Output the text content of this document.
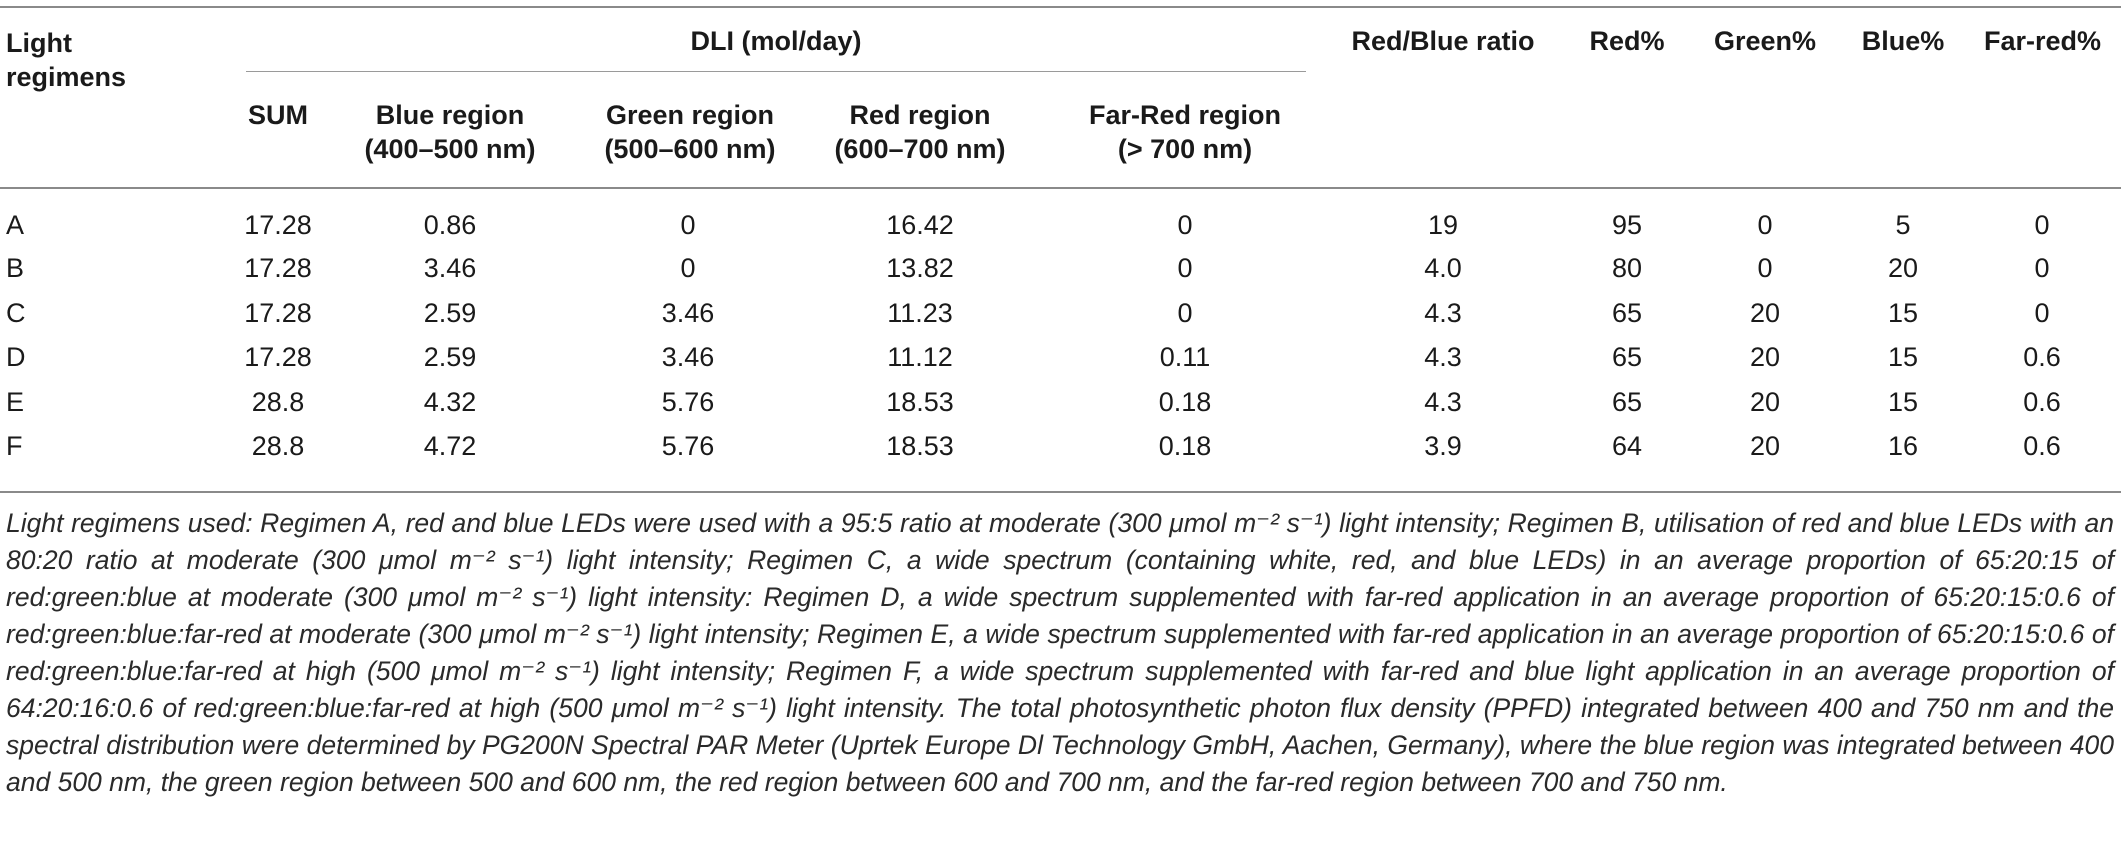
Light
regimens
DLI (mol/day)
SUM	Blue region
(400–500 nm)
Green region
(500–600 nm)
Red region
(600–700 nm)
Far-Red region
(> 700 nm)
Red/Blue ratio	Red%	Green%	Blue%	Far-red%
A	17.28	0.86	0	16.42	0	19	95	0	5	0
B	17.28	3.46	0	13.82	0	4.0	80	0	20	0
C	17.28	2.59	3.46	11.23	0	4.3	65	20	15	0
D	17.28	2.59	3.46	11.12	0.11	4.3	65	20	15	0.6
E	28.8	4.32	5.76	18.53	0.18	4.3	65	20	15	0.6
F	28.8	4.72	5.76	18.53	0.18	3.9	64	20	16	0.6
Light regimens used: Regimen A, red and blue LEDs were used with a 95:5 ratio at moderate (300 μmol m⁻² s⁻¹) light intensity; Regimen B, utilisation of red and blue LEDs with an 80:20 ratio at moderate (300 μmol m⁻² s⁻¹) light intensity; Regimen C, a wide spectrum (containing white, red, and blue LEDs) in an average proportion of 65:20:15 of red:green:blue at moderate (300 μmol m⁻² s⁻¹) light intensity: Regimen D, a wide spectrum supplemented with far-red application in an average proportion of 65:20:15:0.6 of red:green:blue:far-red at moderate (300 μmol m⁻² s⁻¹) light intensity; Regimen E, a wide spectrum supplemented with far-red application in an average proportion of 65:20:15:0.6 of red:green:blue:far-red at high (500 μmol m⁻² s⁻¹) light intensity; Regimen F, a wide spectrum supplemented with far-red and blue light application in an average proportion of 64:20:16:0.6 of red:green:blue:far-red at high (500 μmol m⁻² s⁻¹) light intensity. The total photosynthetic photon flux density (PPFD) integrated between 400 and 750 nm and the spectral distribution were determined by PG200N Spectral PAR Meter (Uprtek Europe Dl Technology GmbH, Aachen, Germany), where the blue region was integrated between 400 and 500 nm, the green region between 500 and 600 nm, the red region between 600 and 700 nm, and the far-red region between 700 and 750 nm.
